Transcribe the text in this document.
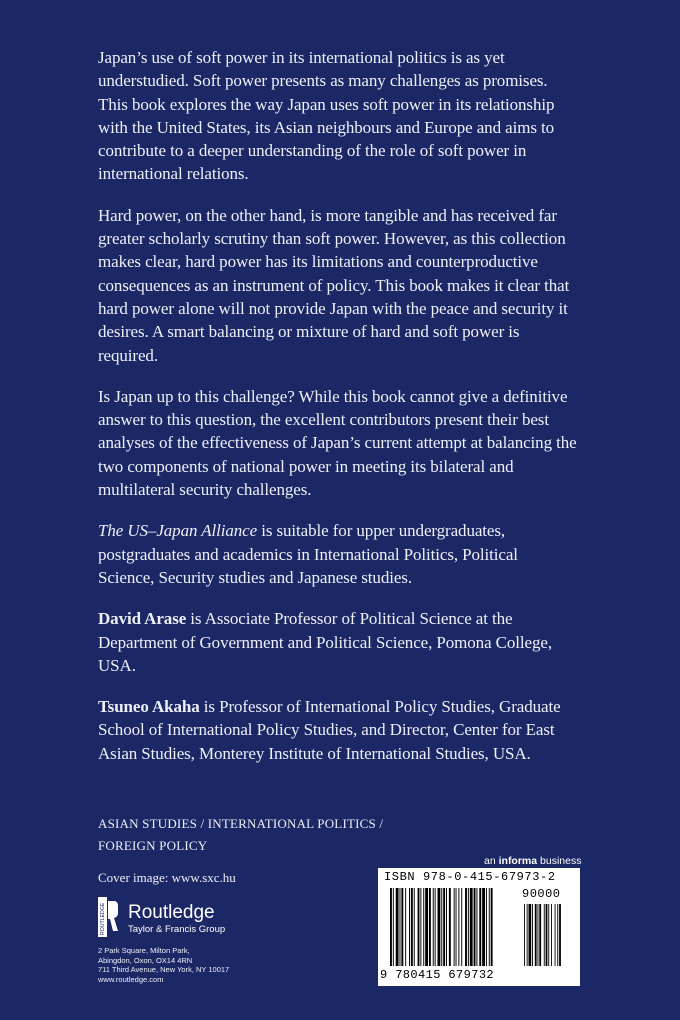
Japan’s use of soft power in its international politics is as yet understudied. Soft power presents as many challenges as promises. This book explores the way Japan uses soft power in its relationship with the United States, its Asian neighbours and Europe and aims to contribute to a deeper understanding of the role of soft power in international relations.

Hard power, on the other hand, is more tangible and has received far greater scholarly scrutiny than soft power. However, as this collection makes clear, hard power has its limitations and counterproductive consequences as an instrument of policy. This book makes it clear that hard power alone will not provide Japan with the peace and security it desires. A smart balancing or mixture of hard and soft power is required.

Is Japan up to this challenge? While this book cannot give a definitive answer to this question, the excellent contributors present their best analyses of the effectiveness of Japan’s current attempt at balancing the two components of national power in meeting its bilateral and multilateral security challenges.

The US–Japan Alliance is suitable for upper undergraduates, postgraduates and academics in International Politics, Political Science, Security studies and Japanese studies.

David Arase is Associate Professor of Political Science at the Department of Government and Political Science, Pomona College, USA.

Tsuneo Akaha is Professor of International Policy Studies, Graduate School of International Policy Studies, and Director, Center for East Asian Studies, Monterey Institute of International Studies, USA.

ASIAN STUDIES / INTERNATIONAL POLITICS / FOREIGN POLICY
Cover image: www.sxc.hu
ROUTLEDGE Routledge
Taylor & Francis Group
2 Park Square, Milton Park,
Abingdon, Oxon, OX14 4RN
711 Third Avenue, New York, NY 10017
www.routledge.com
an informa business
ISBN 978-0-415-67973-2
90000
9 780415 679732
